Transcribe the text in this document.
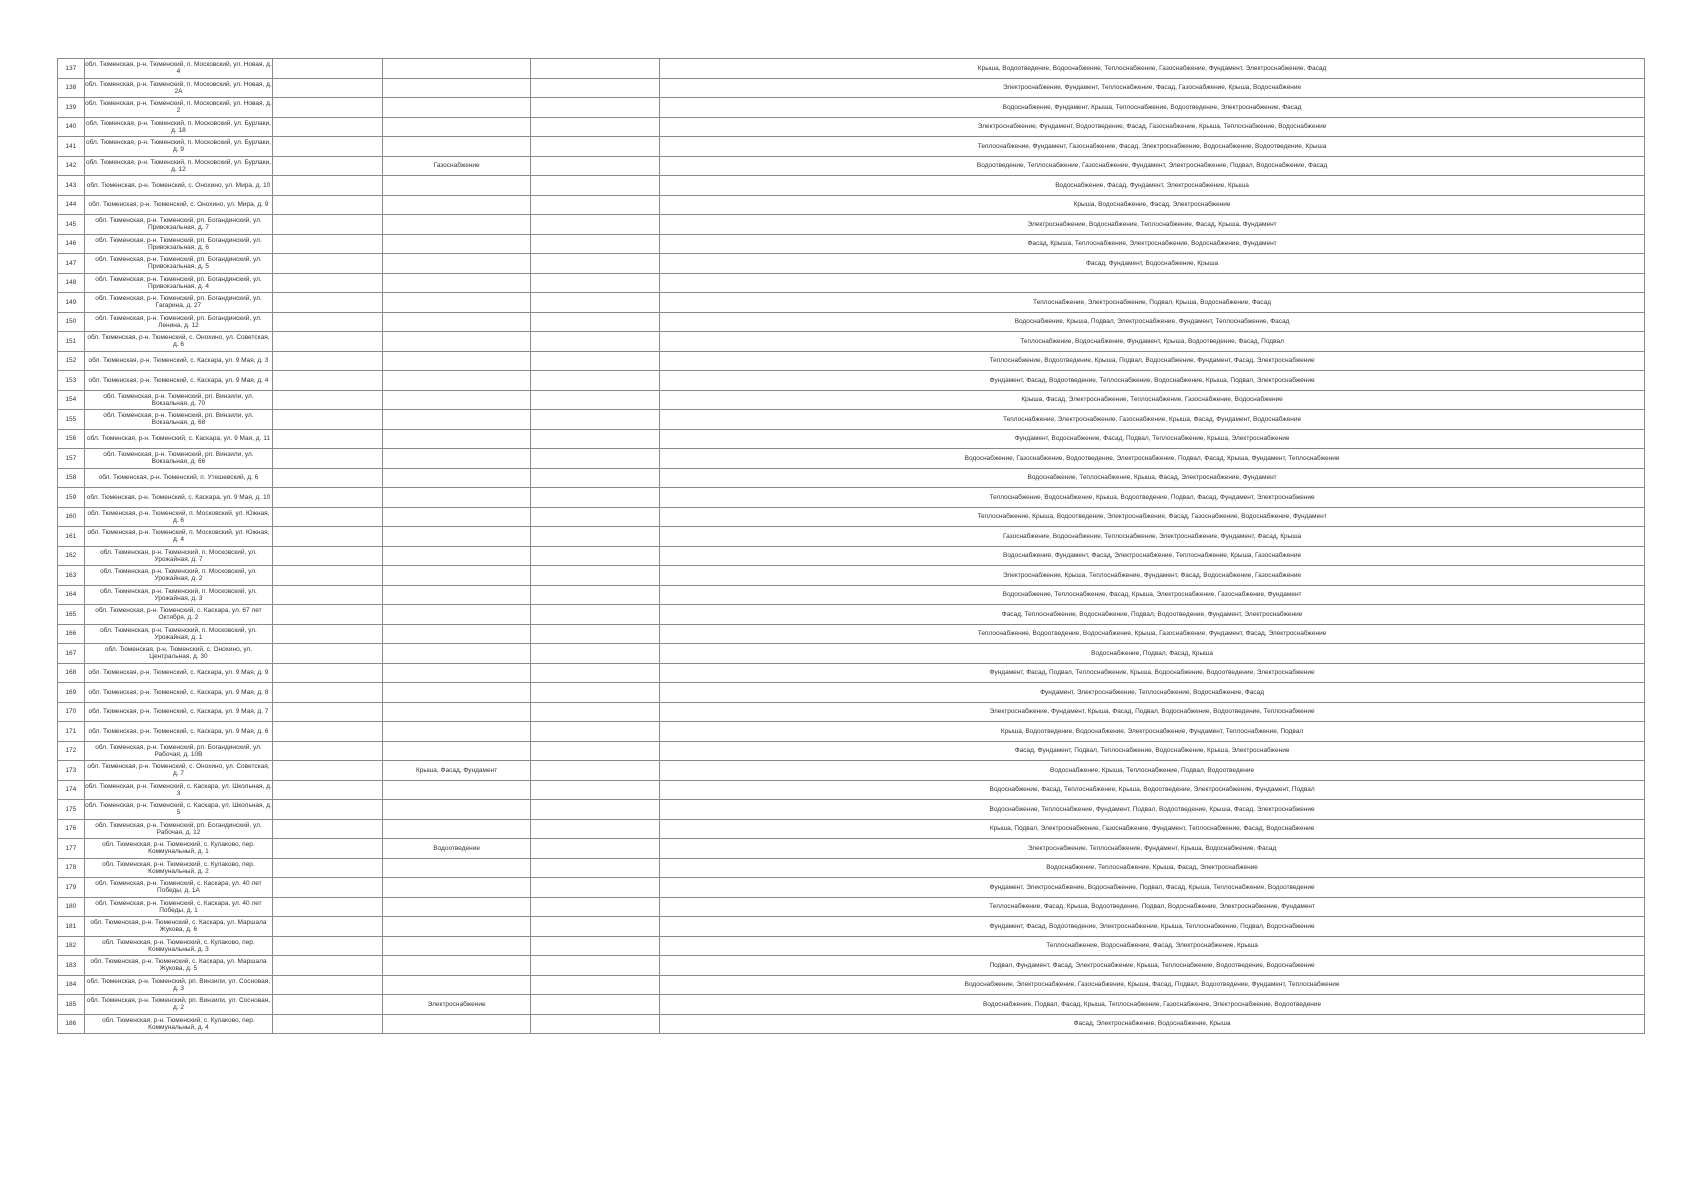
137	обл. Тюменская, р-н. Тюменский, п. Московский, ул. Новая, д. 4				Крыша, Водоотведение, Водоснабжение, Теплоснабжение, Газоснабжение, Фундамент, Электроснабжение, Фасад
138	обл. Тюменская, р-н. Тюменский, п. Московский, ул. Новая, д. 2А				Электроснабжение, Фундамент, Теплоснабжение, Фасад, Газоснабжение, Крыша, Водоснабжение
139	обл. Тюменская, р-н. Тюменский, п. Московский, ул. Новая, д. 2				Водоснабжение, Фундамент, Крыша, Теплоснабжение, Водоотведение, Электроснабжение, Фасад
140	обл. Тюменская, р-н. Тюменский, п. Московский, ул. Бурлаки, д. 18				Электроснабжение, Фундамент, Водоотведение, Фасад, Газоснабжение, Крыша, Теплоснабжение, Водоснабжение
141	обл. Тюменская, р-н. Тюменский, п. Московский, ул. Бурлаки, д. 9				Теплоснабжение, Фундамент, Газоснабжение, Фасад, Электроснабжение, Водоснабжение, Водоотведение, Крыша
142	обл. Тюменская, р-н. Тюменский, п. Московский, ул. Бурлаки, д. 12		Газоснабжение		Водоотведение, Теплоснабжение, Газоснабжение, Фундамент, Электроснабжение, Подвал, Водоснабжение, Фасад
143	обл. Тюменская, р-н. Тюменский, с. Онохино, ул. Мира, д. 10				Водоснабжение, Фасад, Фундамент, Электроснабжение, Крыша
144	обл. Тюменская, р-н. Тюменский, с. Онохино, ул. Мира, д. 9				Крыша, Водоснабжение, Фасад, Электроснабжение
145	обл. Тюменская, р-н. Тюменский, рп. Богандинский, ул. Привокзальная, д. 7				Электроснабжение, Водоснабжение, Теплоснабжение, Фасад, Крыша, Фундамент
146	обл. Тюменская, р-н. Тюменский, рп. Богандинский, ул. Привокзальная, д. 6				Фасад, Крыша, Теплоснабжение, Электроснабжение, Водоснабжение, Фундамент
147	обл. Тюменская, р-н. Тюменский, рп. Богандинский, ул. Привокзальная, д. 5				Фасад, Фундамент, Водоснабжение, Крыша
148	обл. Тюменская, р-н. Тюменский, рп. Богандинский, ул. Привокзальная, д. 4				
149	обл. Тюменская, р-н. Тюменский, рп. Богандинский, ул. Гагарина, д. 27				Теплоснабжение, Электроснабжение, Подвал, Крыша, Водоснабжение, Фасад
150	обл. Тюменская, р-н. Тюменский, рп. Богандинский, ул. Ленина, д. 12				Водоснабжение, Крыша, Подвал, Электроснабжение, Фундамент, Теплоснабжение, Фасад
151	обл. Тюменская, р-н. Тюменский, с. Онохино, ул. Советская, д. 6				Теплоснабжение, Водоснабжение, Фундамент, Крыша, Водоотведение, Фасад, Подвал
152	обл. Тюменская, р-н. Тюменский, с. Каскара, ул. 9 Мая, д. 3				Теплоснабжение, Водоотведение, Крыша, Подвал, Водоснабжение, Фундамент, Фасад, Электроснабжение
153	обл. Тюменская, р-н. Тюменский, с. Каскара, ул. 9 Мая, д. 4				Фундамент, Фасад, Водоотведение, Теплоснабжение, Водоснабжение, Крыша, Подвал, Электроснабжение
154	обл. Тюменская, р-н. Тюменский, рп. Винзили, ул. Вокзальная, д. 70				Крыша, Фасад, Электроснабжение, Теплоснабжение, Газоснабжение, Водоснабжение
155	обл. Тюменская, р-н. Тюменский, рп. Винзили, ул. Вокзальная, д. 68				Теплоснабжение, Электроснабжение, Газоснабжение, Крыша, Фасад, Фундамент, Водоснабжение
156	обл. Тюменская, р-н. Тюменский, с. Каскара, ул. 9 Мая, д. 11				Фундамент, Водоснабжение, Фасад, Подвал, Теплоснабжение, Крыша, Электроснабжение
157	обл. Тюменская, р-н. Тюменский, рп. Винзили, ул. Вокзальная, д. 66				Водоснабжение, Газоснабжение, Водоотведение, Электроснабжение, Подвал, Фасад, Крыша, Фундамент, Теплоснабжение
158	обл. Тюменская, р-н. Тюменский, п. Утешевский, д. 6				Водоснабжение, Теплоснабжение, Крыша, Фасад, Электроснабжение, Фундамент
159	обл. Тюменская, р-н. Тюменский, с. Каскара, ул. 9 Мая, д. 10				Теплоснабжение, Водоснабжение, Крыша, Водоотведение, Подвал, Фасад, Фундамент, Электроснабжение
160	обл. Тюменская, р-н. Тюменский, п. Московский, ул. Южная, д. 6				Теплоснабжение, Крыша, Водоотведение, Электроснабжение, Фасад, Газоснабжение, Водоснабжение, Фундамент
161	обл. Тюменская, р-н. Тюменский, п. Московский, ул. Южная, д. 4				Газоснабжение, Водоснабжение, Теплоснабжение, Электроснабжение, Фундамент, Фасад, Крыша
162	обл. Тюменская, р-н. Тюменский, п. Московский, ул. Урожайная, д. 7				Водоснабжение, Фундамент, Фасад, Электроснабжение, Теплоснабжение, Крыша, Газоснабжение
163	обл. Тюменская, р-н. Тюменский, п. Московский, ул. Урожайная, д. 2				Электроснабжение, Крыша, Теплоснабжение, Фундамент, Фасад, Водоснабжение, Газоснабжение
164	обл. Тюменская, р-н. Тюменский, п. Московский, ул. Урожайная, д. 3				Водоснабжение, Теплоснабжение, Фасад, Крыша, Электроснабжение, Газоснабжение, Фундамент
165	обл. Тюменская, р-н. Тюменский, с. Каскара, ул. 67 лет Октября, д. 2				Фасад, Теплоснабжение, Водоснабжение, Подвал, Водоотведение, Фундамент, Электроснабжение
166	обл. Тюменская, р-н. Тюменский, п. Московский, ул. Урожайная, д. 1				Теплоснабжение, Водоотведение, Водоснабжение, Крыша, Газоснабжение, Фундамент, Фасад, Электроснабжение
167	обл. Тюменская, р-н. Тюменский, с. Онохино, ул. Центральная, д. 30				Водоснабжение, Подвал, Фасад, Крыша
168	обл. Тюменская, р-н. Тюменский, с. Каскара, ул. 9 Мая, д. 9				Фундамент, Фасад, Подвал, Теплоснабжение, Крыша, Водоснабжение, Водоотведение, Электроснабжение
169	обл. Тюменская, р-н. Тюменский, с. Каскара, ул. 9 Мая, д. 8				Фундамент, Электроснабжение, Теплоснабжение, Водоснабжение, Фасад
170	обл. Тюменская, р-н. Тюменский, с. Каскара, ул. 9 Мая, д. 7				Электроснабжение, Фундамент, Крыша, Фасад, Подвал, Водоснабжение, Водоотведение, Теплоснабжение
171	обл. Тюменская, р-н. Тюменский, с. Каскара, ул. 9 Мая, д. 6				Крыша, Водоотведение, Водоснабжение, Электроснабжение, Фундамент, Теплоснабжение, Подвал
172	обл. Тюменская, р-н. Тюменский, рп. Богандинский, ул. Рабочая, д. 10В				Фасад, Фундамент, Подвал, Теплоснабжение, Водоснабжение, Крыша, Электроснабжение
173	обл. Тюменская, р-н. Тюменский, с. Онохино, ул. Советская, д. 7		Крыша, Фасад, Фундамент		Водоснабжение, Крыша, Теплоснабжение, Подвал, Водоотведение
174	обл. Тюменская, р-н. Тюменский, с. Каскара, ул. Школьная, д. 3				Водоснабжение, Фасад, Теплоснабжение, Крыша, Водоотведение, Электроснабжение, Фундамент, Подвал
175	обл. Тюменская, р-н. Тюменский, с. Каскара, ул. Школьная, д. 5				Водоснабжение, Теплоснабжение, Фундамент, Подвал, Водоотведение, Крыша, Фасад, Электроснабжение
176	обл. Тюменская, р-н. Тюменский, рп. Богандинский, ул. Рабочая, д. 12				Крыша, Подвал, Электроснабжение, Газоснабжение, Фундамент, Теплоснабжение, Фасад, Водоснабжение
177	обл. Тюменская, р-н. Тюменский, с. Кулаково, пер. Коммунальный, д. 1		Водоотведение		Электроснабжение, Теплоснабжение, Фундамент, Крыша, Водоснабжение, Фасад
178	обл. Тюменская, р-н. Тюменский, с. Кулаково, пер. Коммунальный, д. 2				Водоснабжение, Теплоснабжение, Крыша, Фасад, Электроснабжение
179	обл. Тюменская, р-н. Тюменский, с. Каскара, ул. 40 лет Победы, д. 1А				Фундамент, Электроснабжение, Водоснабжение, Подвал, Фасад, Крыша, Теплоснабжение, Водоотведение
180	обл. Тюменская, р-н. Тюменский, с. Каскара, ул. 40 лет Победы, д. 1				Теплоснабжение, Фасад, Крыша, Водоотведение, Подвал, Водоснабжение, Электроснабжение, Фундамент
181	обл. Тюменская, р-н. Тюменский, с. Каскара, ул. Маршала Жукова, д. 6				Фундамент, Фасад, Водоотведение, Электроснабжение, Крыша, Теплоснабжение, Подвал, Водоснабжение
182	обл. Тюменская, р-н. Тюменский, с. Кулаково, пер. Коммунальный, д. 3				Теплоснабжение, Водоснабжение, Фасад, Электроснабжение, Крыша
183	обл. Тюменская, р-н. Тюменский, с. Каскара, ул. Маршала Жукова, д. 5				Подвал, Фундамент, Фасад, Электроснабжение, Крыша, Теплоснабжение, Водоотведение, Водоснабжение
184	обл. Тюменская, р-н. Тюменский, рп. Винзили, ул. Сосновая, д. 3				Водоснабжение, Электроснабжение, Газоснабжение, Крыша, Фасад, Подвал, Водоотведение, Фундамент, Теплоснабжение
185	обл. Тюменская, р-н. Тюменский, рп. Винзили, ул. Сосновая, д. 2		Электроснабжение		Водоснабжение, Подвал, Фасад, Крыша, Теплоснабжение, Газоснабжение, Электроснабжение, Водоотведение
186	обл. Тюменская, р-н. Тюменский, с. Кулаково, пер. Коммунальный, д. 4				Фасад, Электроснабжение, Водоснабжение, Крыша
